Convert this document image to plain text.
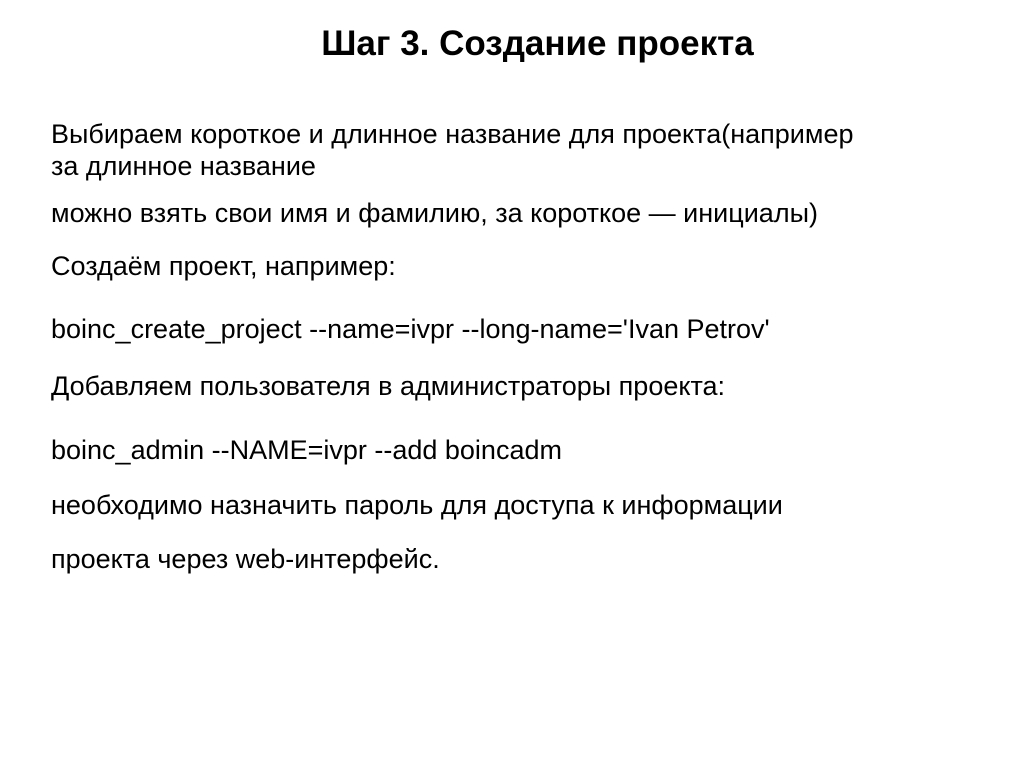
Шаг 3. Создание проекта

Выбираем короткое и длинное название для проекта(например

за длинное название

можно взять свои имя и фамилию, за короткое — инициалы)

Создаём проект, например:

boinc_create_project --name=ivpr --long-name='Ivan Petrov'

Добавляем пользователя в администраторы проекта:

boinc_admin --NAME=ivpr --add boincadm

необходимо назначить пароль для доступа к информации

проекта через web-интерфейс.
